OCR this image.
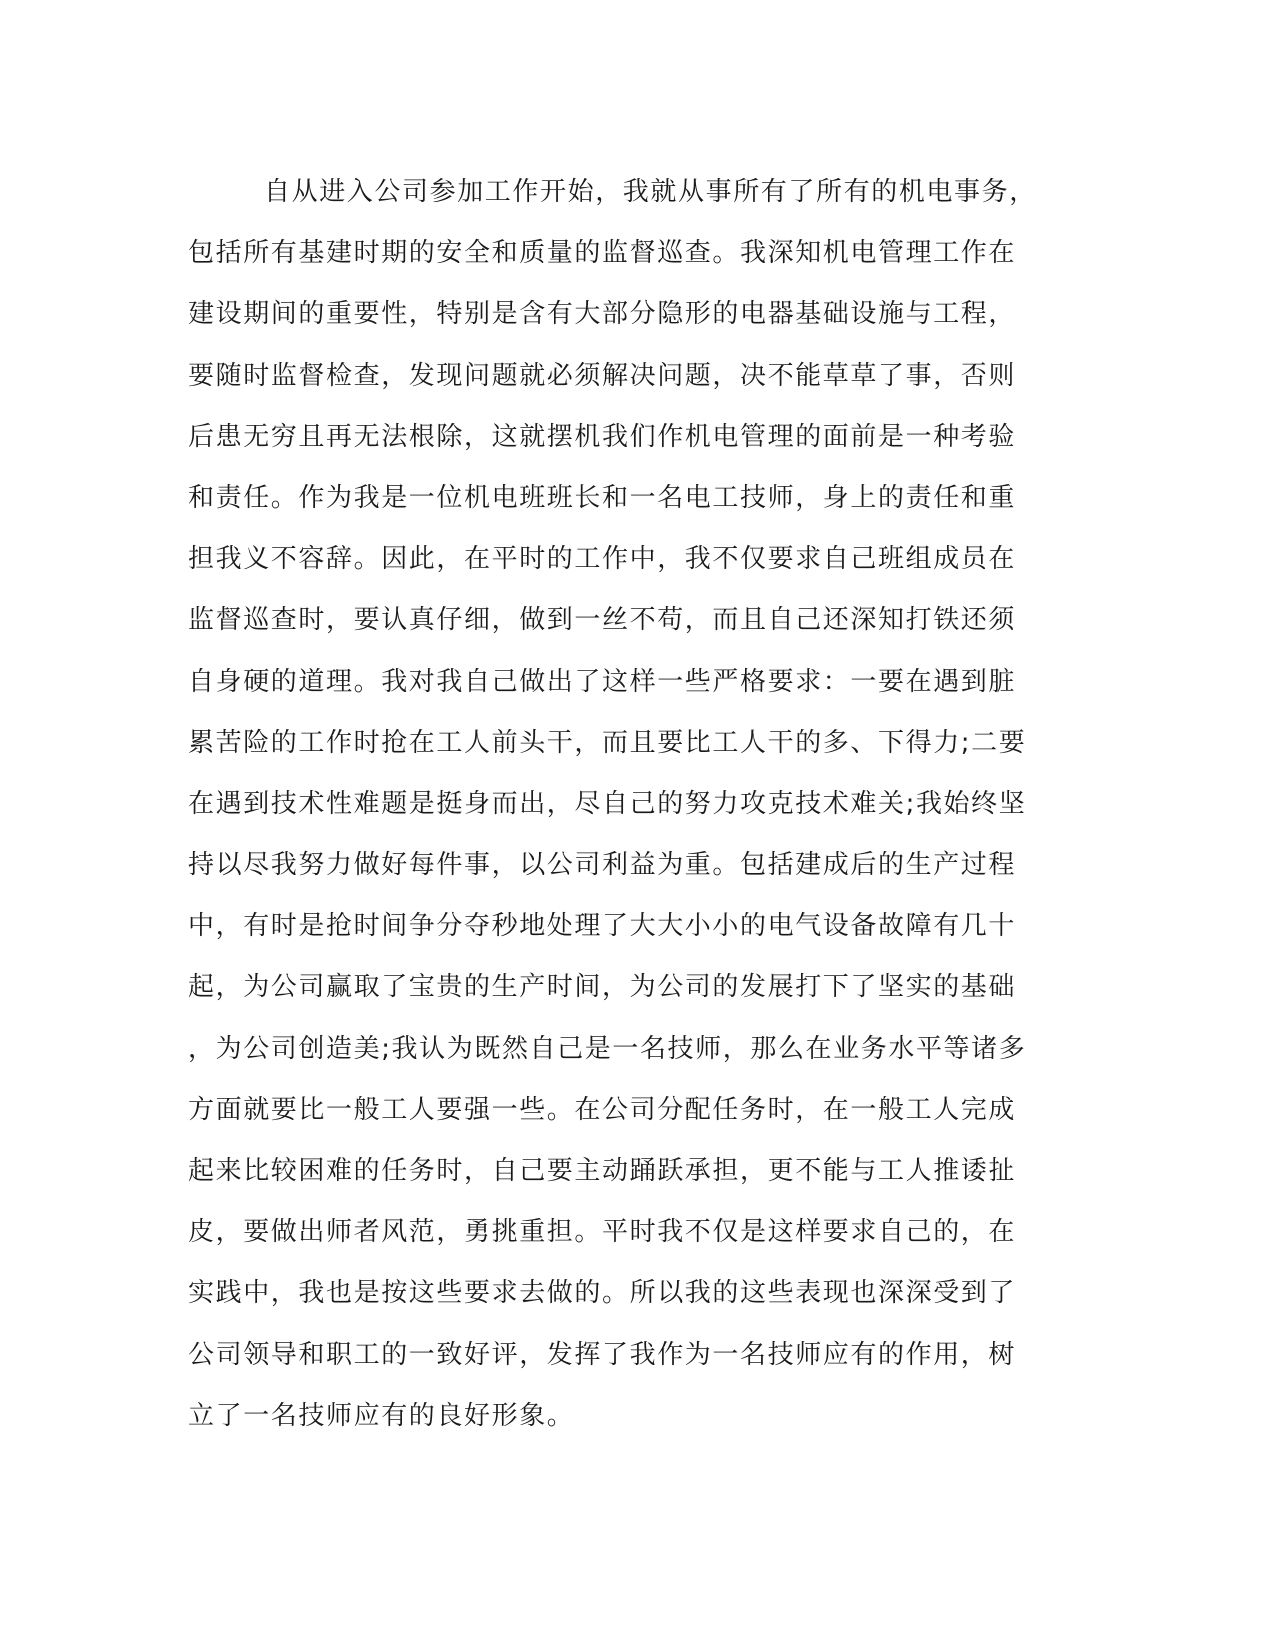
自从进入公司参加工作开始，我就从事所有了所有的机电事务，
包括所有基建时期的安全和质量的监督巡查。我深知机电管理工作在
建设期间的重要性，特别是含有大部分隐形的电器基础设施与工程，
要随时监督检查，发现问题就必须解决问题，决不能草草了事，否则
后患无穷且再无法根除，这就摆机我们作机电管理的面前是一种考验
和责任。作为我是一位机电班班长和一名电工技师，身上的责任和重
担我义不容辞。因此，在平时的工作中，我不仅要求自己班组成员在
监督巡查时，要认真仔细，做到一丝不苟，而且自己还深知打铁还须
自身硬的道理。我对我自己做出了这样一些严格要求：一要在遇到脏
累苦险的工作时抢在工人前头干，而且要比工人干的多、下得力;二要
在遇到技术性难题是挺身而出，尽自己的努力攻克技术难关;我始终坚
持以尽我努力做好每件事，以公司利益为重。包括建成后的生产过程
中，有时是抢时间争分夺秒地处理了大大小小的电气设备故障有几十
起，为公司赢取了宝贵的生产时间，为公司的发展打下了坚实的基础
，为公司创造美;我认为既然自己是一名技师，那么在业务水平等诸多
方面就要比一般工人要强一些。在公司分配任务时，在一般工人完成
起来比较困难的任务时，自己要主动踊跃承担，更不能与工人推诿扯
皮，要做出师者风范，勇挑重担。平时我不仅是这样要求自己的，在
实践中，我也是按这些要求去做的。所以我的这些表现也深深受到了
公司领导和职工的一致好评，发挥了我作为一名技师应有的作用，树
立了一名技师应有的良好形象。
